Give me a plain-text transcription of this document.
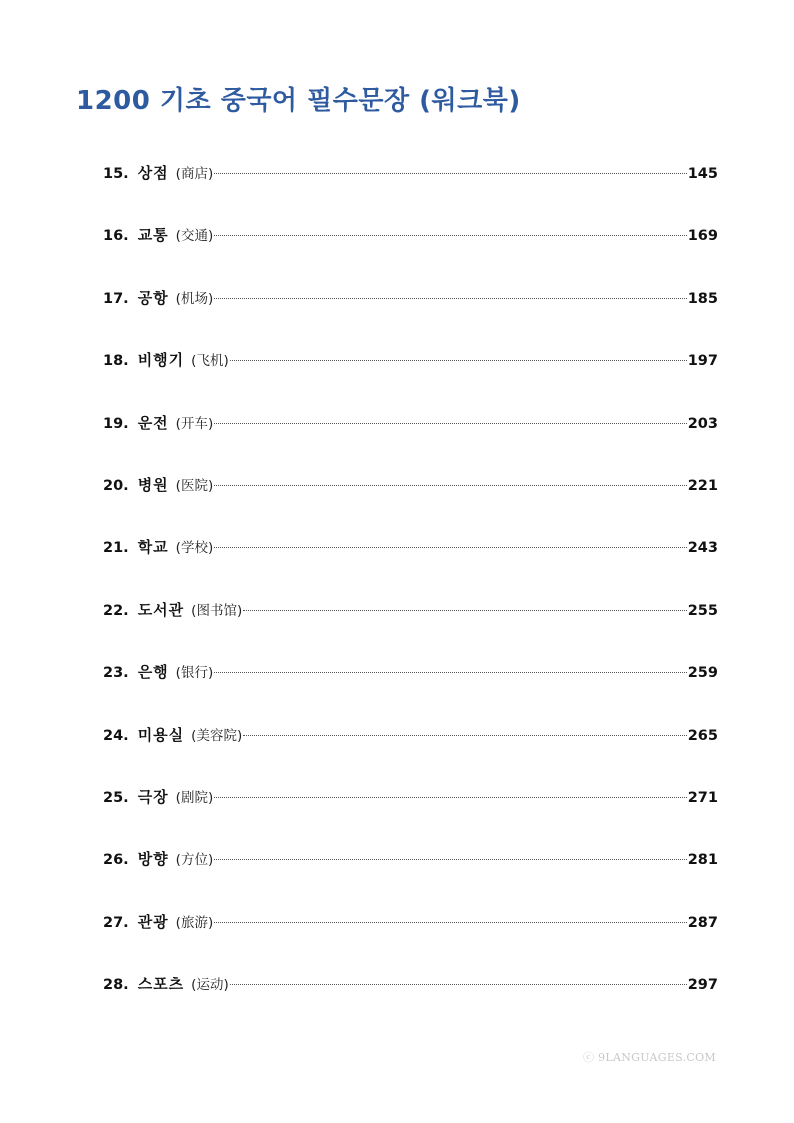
1200 기초 중국어 필수문장 (워크북)
15. 상점 (商店)	145
16. 교통 (交通)	169
17. 공항 (机场)	185
18. 비행기 (飞机)	197
19. 운전 (开车)	203
20. 병원 (医院)	221
21. 학교 (学校)	243
22. 도서관 (图书馆)	255
23. 은행 (银行)	259
24. 미용실 (美容院)	265
25. 극장 (剧院)	271
26. 방향 (方位)	281
27. 관광 (旅游)	287
28. 스포츠 (运动)	297
ⓒ 9LANGUAGES.COM
